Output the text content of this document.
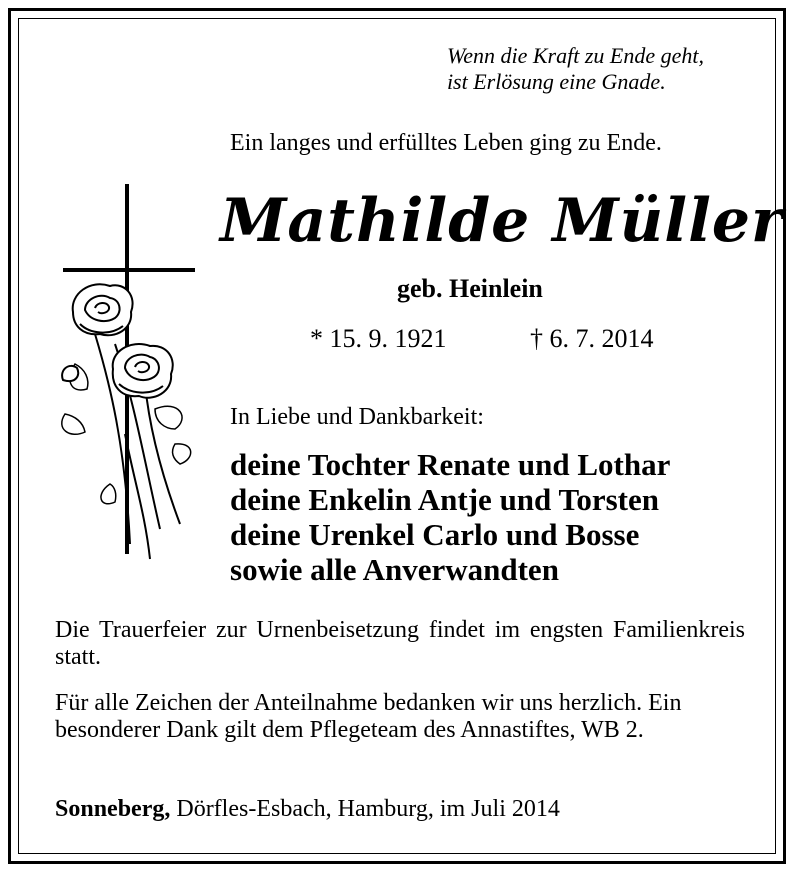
Wenn die Kraft zu Ende geht,
ist Erlösung eine Gnade.
Ein langes und erfülltes Leben ging zu Ende.
Mathilde Müller
geb. Heinlein
* 15. 9. 1921	† 6. 7. 2014
In Liebe und Dankbarkeit:
deine Tochter Renate und Lothar
deine Enkelin Antje und Torsten
deine Urenkel Carlo und Bosse
sowie alle Anverwandten
Die Trauerfeier zur Urnenbeisetzung findet im engsten Familienkreis statt.
Für alle Zeichen der Anteilnahme bedanken wir uns herzlich. Ein besonderer Dank gilt dem Pflegeteam des Annastiftes, WB 2.
Sonneberg, Dörfles-Esbach, Hamburg, im Juli 2014
